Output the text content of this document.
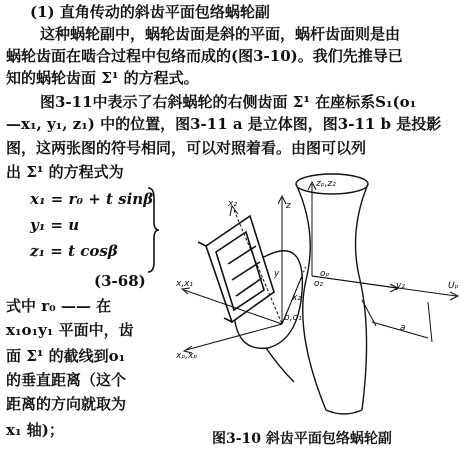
(1) 直角传动的斜齿平面包络蜗轮副
这种蜗轮副中，蜗轮齿面是斜的平面，蜗杆齿面则是由
蜗轮齿面在啮合过程中包络而成的(图3-10)。我们先推导已
知的蜗轮齿面 Σ¹ 的方程式。
图3-11中表示了右斜蜗轮的右侧齿面 Σ¹ 在座标系S₁(o₁
—x₁, y₁, z₁) 中的位置，图3-11 a 是立体图，图3-11 b 是投影
图，这两张图的符号相同，可以对照着看。由图可以列
出 Σ¹ 的方程式为
x₁ = r₀ + t sinβ
y₁ = u
z₁ = t cosβ
(3-68)
式中 r₀ —— 在
x₁o₁y₁ 平面中，齿
面 Σ¹ 的截线到o₁
的垂直距离（这个
距离的方向就取为
x₁ 轴)；
zₚ,z₂
z
x₂
y
y₂	Uₚ
x,x₁
xₚ,xₚ
b,o₁
o₂
oₚ
x₂
a
图3-10 斜齿平面包络蜗轮副
